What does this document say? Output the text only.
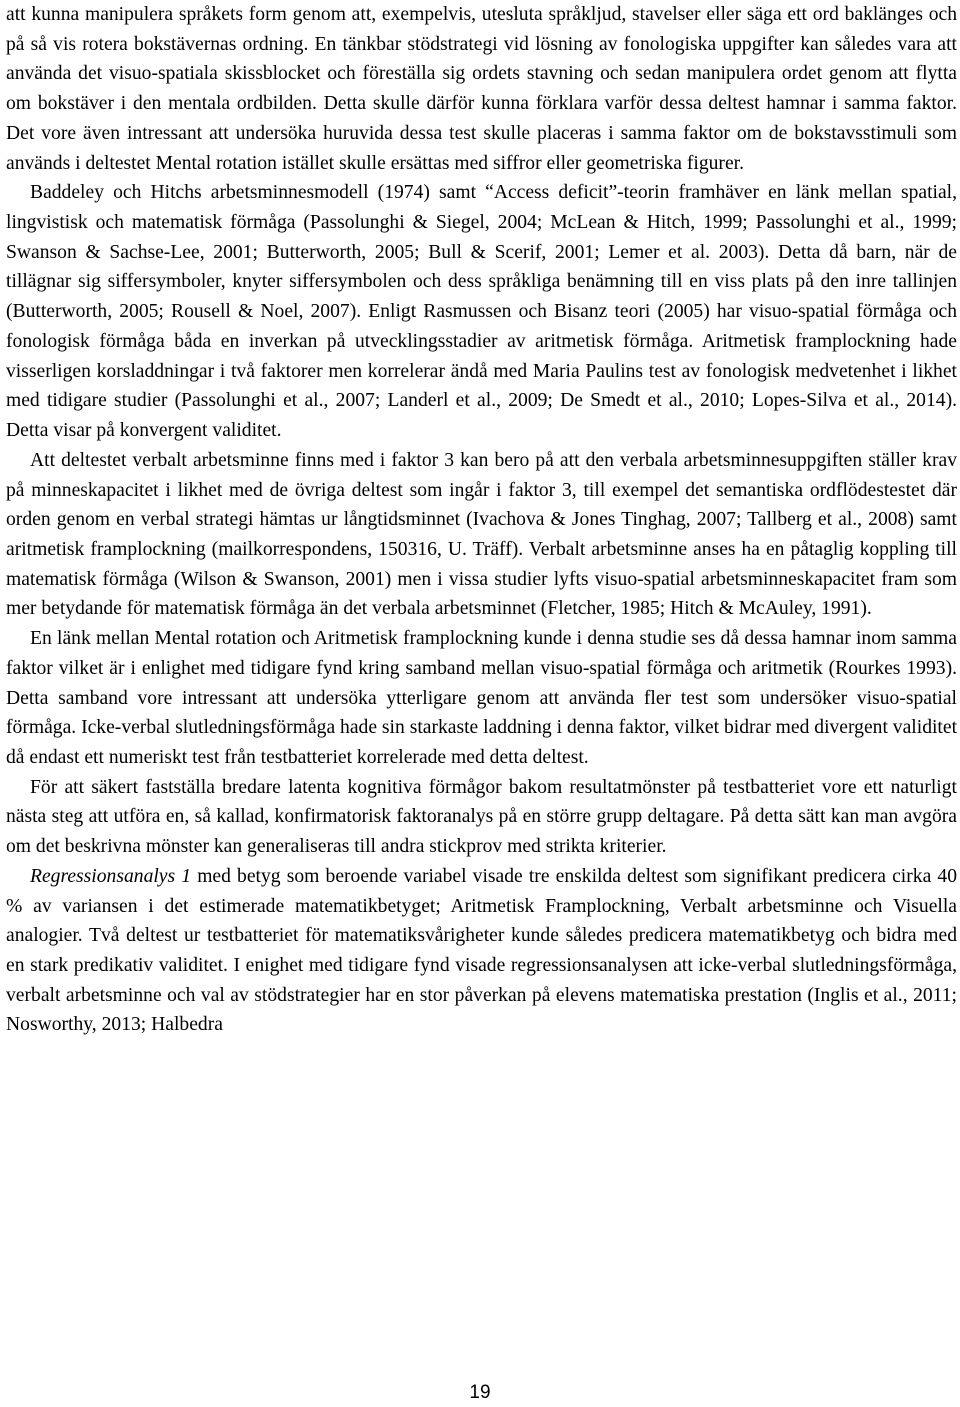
att kunna manipulera språkets form genom att, exempelvis, utesluta språkljud, stavelser eller säga ett ord baklänges och på så vis rotera bokstävernas ordning. En tänkbar stödstrategi vid lösning av fonologiska uppgifter kan således vara att använda det visuo-spatiala skissblocket och föreställa sig ordets stavning och sedan manipulera ordet genom att flytta om bokstäver i den mentala ordbilden. Detta skulle därför kunna förklara varför dessa deltest hamnar i samma faktor. Det vore även intressant att undersöka huruvida dessa test skulle placeras i samma faktor om de bokstavsstimuli som används i deltestet Mental rotation istället skulle ersättas med siffror eller geometriska figurer.

Baddeley och Hitchs arbetsminnesmodell (1974) samt “Access deficit”-teorin framhäver en länk mellan spatial, lingvistisk och matematisk förmåga (Passolunghi & Siegel, 2004; McLean & Hitch, 1999; Passolunghi et al., 1999; Swanson & Sachse-Lee, 2001; Butterworth, 2005; Bull & Scerif, 2001; Lemer et al. 2003). Detta då barn, när de tillägnar sig siffersymboler, knyter siffersymbolen och dess språkliga benämning till en viss plats på den inre tallinjen (Butterworth, 2005; Rousell & Noel, 2007). Enligt Rasmussen och Bisanz teori (2005) har visuo-spatial förmåga och fonologisk förmåga båda en inverkan på utvecklingsstadier av aritmetisk förmåga. Aritmetisk framplockning hade visserligen korsladdningar i två faktorer men korrelerar ändå med Maria Paulins test av fonologisk medvetenhet i likhet med tidigare studier (Passolunghi et al., 2007; Landerl et al., 2009; De Smedt et al., 2010; Lopes-Silva et al., 2014). Detta visar på konvergent validitet.

Att deltestet verbalt arbetsminne finns med i faktor 3 kan bero på att den verbala arbetsminnesuppgiften ställer krav på minneskapacitet i likhet med de övriga deltest som ingår i faktor 3, till exempel det semantiska ordflödestestet där orden genom en verbal strategi hämtas ur långtidsminnet (Ivachova & Jones Tinghag, 2007; Tallberg et al., 2008) samt aritmetisk framplockning (mailkorrespondens, 150316, U. Träff). Verbalt arbetsminne anses ha en påtaglig koppling till matematisk förmåga (Wilson & Swanson, 2001) men i vissa studier lyfts visuo-spatial arbetsminneskapacitet fram som mer betydande för matematisk förmåga än det verbala arbetsminnet (Fletcher, 1985; Hitch & McAuley, 1991).

En länk mellan Mental rotation och Aritmetisk framplockning kunde i denna studie ses då dessa hamnar inom samma faktor vilket är i enlighet med tidigare fynd kring samband mellan visuo-spatial förmåga och aritmetik (Rourkes 1993). Detta samband vore intressant att undersöka ytterligare genom att använda fler test som undersöker visuo-spatial förmåga. Icke-verbal slutledningsförmåga hade sin starkaste laddning i denna faktor, vilket bidrar med divergent validitet då endast ett numeriskt test från testbatteriet korrelerade med detta deltest.

För att säkert fastställa bredare latenta kognitiva förmågor bakom resultatmönster på testbatteriet vore ett naturligt nästa steg att utföra en, så kallad, konfirmatorisk faktoranalys på en större grupp deltagare. På detta sätt kan man avgöra om det beskrivna mönster kan generaliseras till andra stickprov med strikta kriterier.

Regressionsanalys 1 med betyg som beroende variabel visade tre enskilda deltest som signifikant predicera cirka 40 % av variansen i det estimerade matematikbetyget; Aritmetisk Framplockning, Verbalt arbetsminne och Visuella analogier. Två deltest ur testbatteriet för matematiksvårigheter kunde således predicera matematikbetyg och bidra med en stark predikativ validitet. I enighet med tidigare fynd visade regressionsanalysen att icke-verbal slutledningsförmåga, verbalt arbetsminne och val av stödstrategier har en stor påverkan på elevens matematiska prestation (Inglis et al., 2011; Nosworthy, 2013; Halbedra

19
